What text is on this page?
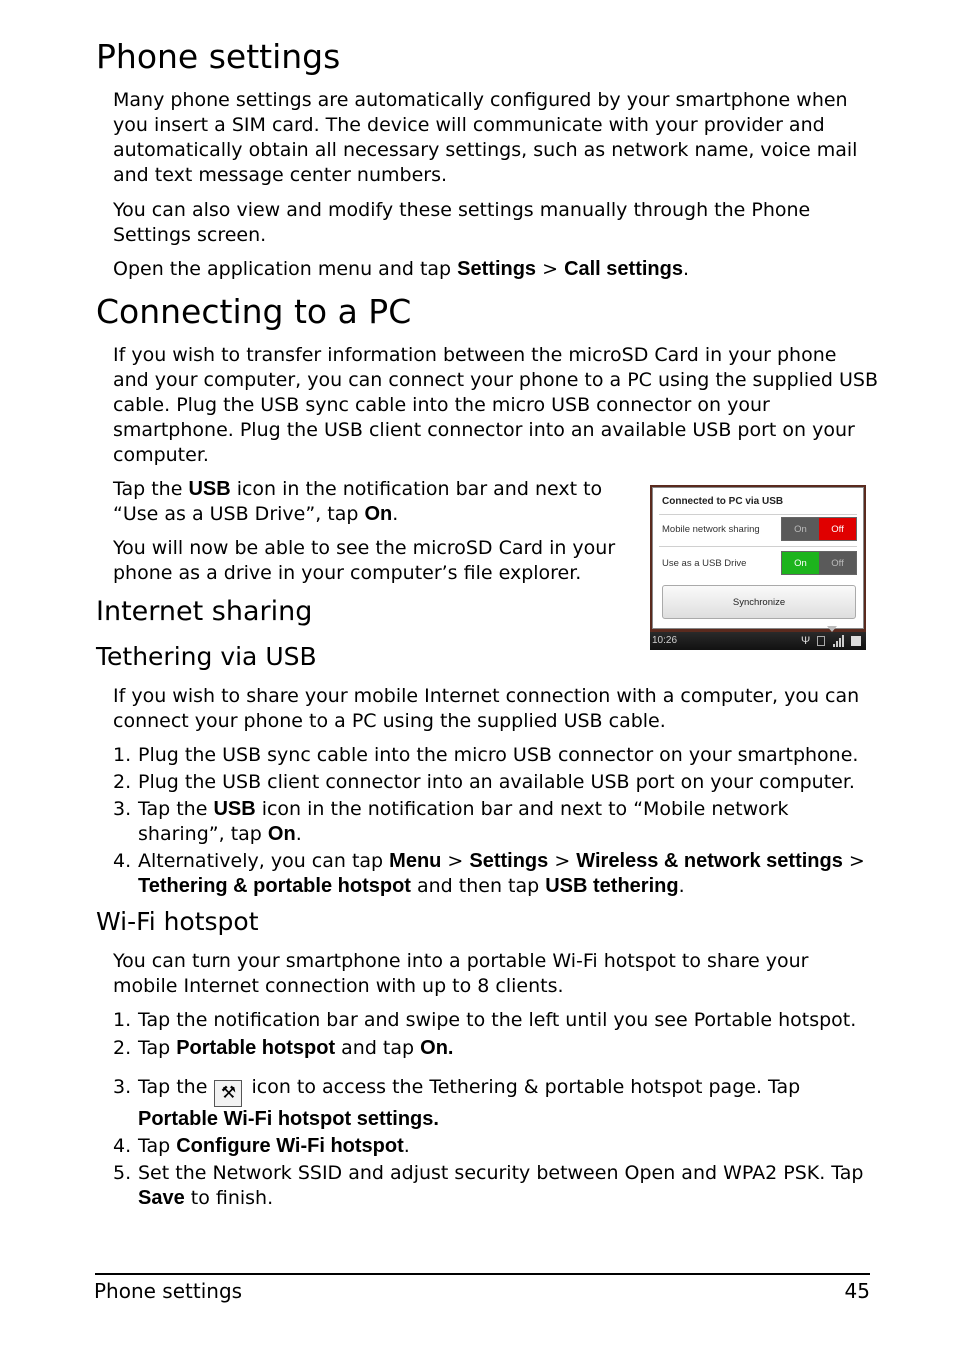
Phone settings

Many phone settings are automatically configured by your smartphone when
you insert a SIM card. The device will communicate with your provider and
automatically obtain all necessary settings, such as network name, voice mail
and text message center numbers.

You can also view and modify these settings manually through the Phone
Settings screen.

Open the application menu and tap Settings > Call settings.

Connecting to a PC

If you wish to transfer information between the microSD Card in your phone
and your computer, you can connect your phone to a PC using the supplied USB
cable. Plug the USB sync cable into the micro USB connector on your
smartphone. Plug the USB client connector into an available USB port on your
computer.

Tap the USB icon in the notification bar and next to
“Use as a USB Drive”, tap On.

You will now be able to see the microSD Card in your
phone as a drive in your computer’s file explorer.

Connected to PC via USB
Mobile network sharing	On	Off
Use as a USB Drive	On	Off
Synchronize
10:26	Ψ
Internet sharing
Tethering via USB

If you wish to share your mobile Internet connection with a computer, you can
connect your phone to a PC using the supplied USB cable.

1. Plug the USB sync cable into the micro USB connector on your smartphone.
2. Plug the USB client connector into an available USB port on your computer.
3. Tap the USB icon in the notification bar and next to “Mobile network
sharing”, tap On.
4. Alternatively, you can tap Menu > Settings > Wireless & network settings >
Tethering & portable hotspot and then tap USB tethering.
Wi-Fi hotspot

You can turn your smartphone into a portable Wi-Fi hotspot to share your
mobile Internet connection with up to 8 clients.

1. Tap the notification bar and swipe to the left until you see Portable hotspot.
2. Tap Portable hotspot and tap On.
3. Tap the ⚒ icon to access the Tethering & portable hotspot page. Tap
Portable Wi-Fi hotspot settings.
4. Tap Configure Wi-Fi hotspot.
5. Set the Network SSID and adjust security between Open and WPA2 PSK. Tap
Save to finish.
Phone settings	45
